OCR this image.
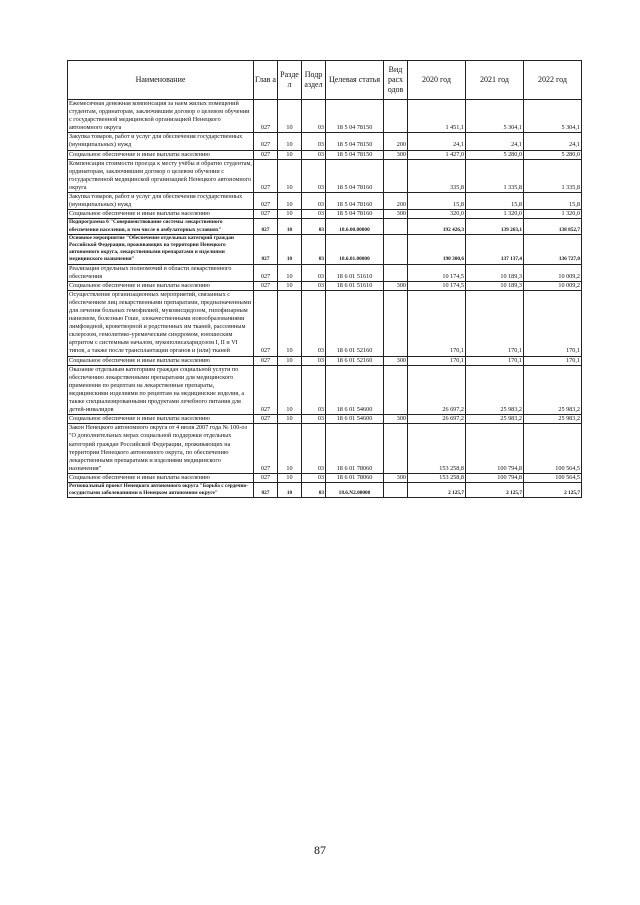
Наименование	Глав а	Разде л	Подр аздел	Целевая статья	Вид расх одов	2020 год	2021 год	2022 год
Ежемесячная денежная компенсация за наем жилых помещений студентам, ординаторам, заключившим договор о целевом обучении с государственной медицинской организацией Ненецкого автономного округа	027	10	03	18 5 04 78150		1 451,1	5 304,1	5 304,1
Закупка товаров, работ и услуг для обеспечения государственных (муниципальных) нужд	027	10	03	18 5 04 78150	200	24,1	24,1	24,1
Социальное обеспечение и иные выплаты населению	027	10	03	18 5 04 78150	300	1 427,0	5 280,0	5 280,0
Компенсация стоимости проезда к месту учёбы и обратно студентам, ординаторам, заключившим договор о целевом обучении с государственной медицинской организацией Ненецкого автономного округа	027	10	03	18 5 04 78160		335,8	1 335,8	1 335,8
Закупка товаров, работ и услуг для обеспечения государственных (муниципальных) нужд	027	10	03	18 5 04 78160	200	15,8	15,8	15,8
Социальное обеспечение и иные выплаты населению	027	10	03	18 5 04 78160	300	320,0	1 320,0	1 320,0
Подпрограмма 6 "Совершенствование системы лекарственного обеспечения населения, в том числе в амбулаторных условиях"	027	10	03	18.6.00.00000		192 426,3	139 263,1	138 852,7
Основное мероприятие "Обеспечение отдельных категорий граждан Российской Федерации, проживающих на территории Ненецкого автономного округа, лекарственными препаратами и изделиями медицинского назначения"	027	10	03	18.6.01.00000		190 300,6	137 137,4	136 727,0
Реализация отдельных полномочий в области лекарственного обеспечения	027	10	03	18 6 01 51610		10 174,5	10 189,3	10 009,2
Социальное обеспечение и иные выплаты населению	027	10	03	18 6 01 51610	300	10 174,5	10 189,3	10 009,2
Осуществление организационных мероприятий, связанных с обеспечением лиц лекарственными препаратами, предназначенными для лечения больных гемофилией, муковисцидозом, гипофизарным нанизмом, болезнью Гоше, злокачественными новообразованиями лимфоидной, кроветворной и родственных им тканей, рассеянным склерозом, гемолитико-уремическим синдромом, юношеским артритом с системным началом, мукополисахаридозом I, II и VI типов, а также после трансплантации органов и (или) тканей	027	10	03	18 6 01 52160		170,1	170,1	170,1
Социальное обеспечение и иные выплаты населению	027	10	03	18 6 01 52160	300	170,1	170,1	170,1
Оказание отдельным категориям граждан социальной услуги по обеспечению лекарственными препаратами для медицинского применения по рецептам на лекарственные препараты, медицинскими изделиями по рецептам на медицинские изделия, а также специализированными продуктами лечебного питания для детей-инвалидов	027	10	03	18 6 01 54600		26 697,2	25 983,2	25 983,2
Социальное обеспечение и иные выплаты населению	027	10	03	18 6 01 54600	300	26 697,2	25 983,2	25 983,2
Закон Ненецкого автономного округа от 4 июля 2007 года № 100-оз "О дополнительных мерах социальной поддержки отдельных категорий граждан Российской Федерации, проживающих на территории Ненецкого автономного округа, по обеспечению лекарственными препаратами и изделиями медицинского назначения"	027	10	03	18 6 01 78060		153 258,8	100 794,8	100 564,5
Социальное обеспечение и иные выплаты населению	027	10	03	18 6 01 78060	300	153 258,8	100 794,8	100 564,5
Региональный проект Ненецкого автономного округа "Борьба с сердечно-сосудистыми заболеваниями в Ненецком автономном округе"	027	10	03	18.6.N2.00000		2 125,7	2 125,7	2 125,7
87
